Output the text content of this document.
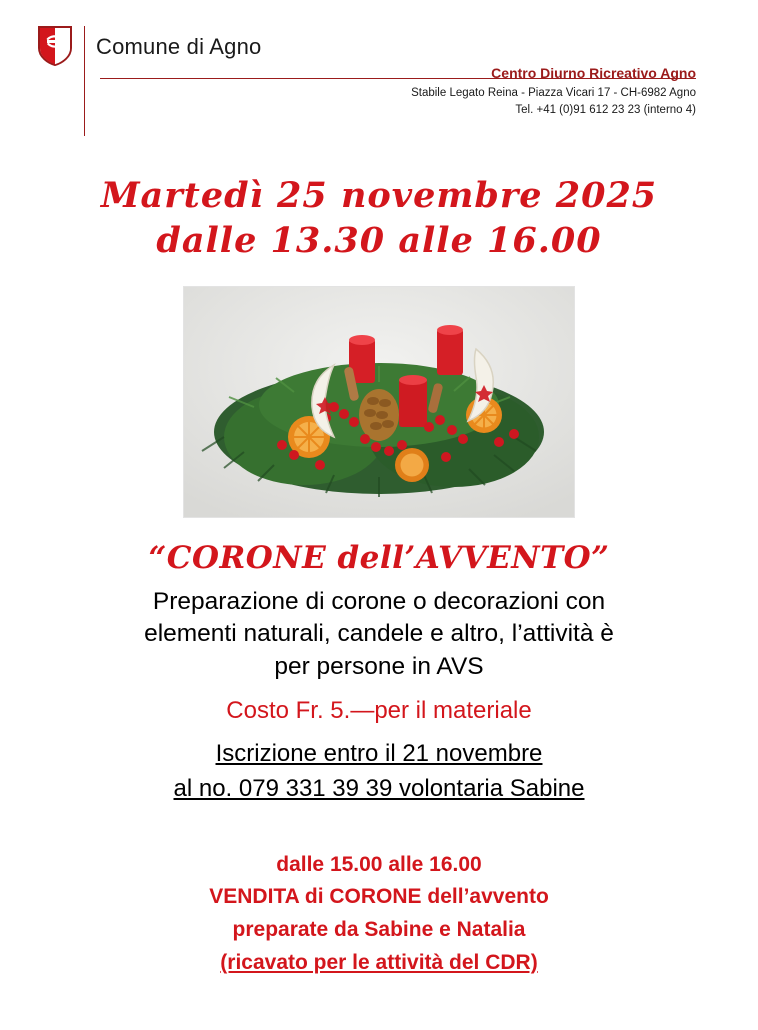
Comune di Agno
Centro Diurno Ricreativo Agno
Stabile Legato Reina - Piazza Vicari 17 - CH-6982 Agno
Tel. +41 (0)91 612 23 23 (interno 4)
Martedì 25 novembre 2025
dalle 13.30 alle 16.00
“CORONE dell’AVVENTO”
Preparazione di corone o decorazioni con
elementi naturali, candele e altro, l’attività è
per persone in AVS
Costo Fr. 5.—per il materiale
Iscrizione entro il 21 novembre
al no. 079 331 39 39 volontaria Sabine
dalle 15.00 alle 16.00
VENDITA di CORONE dell’avvento
preparate da Sabine e Natalia
(ricavato per le attività del CDR)
